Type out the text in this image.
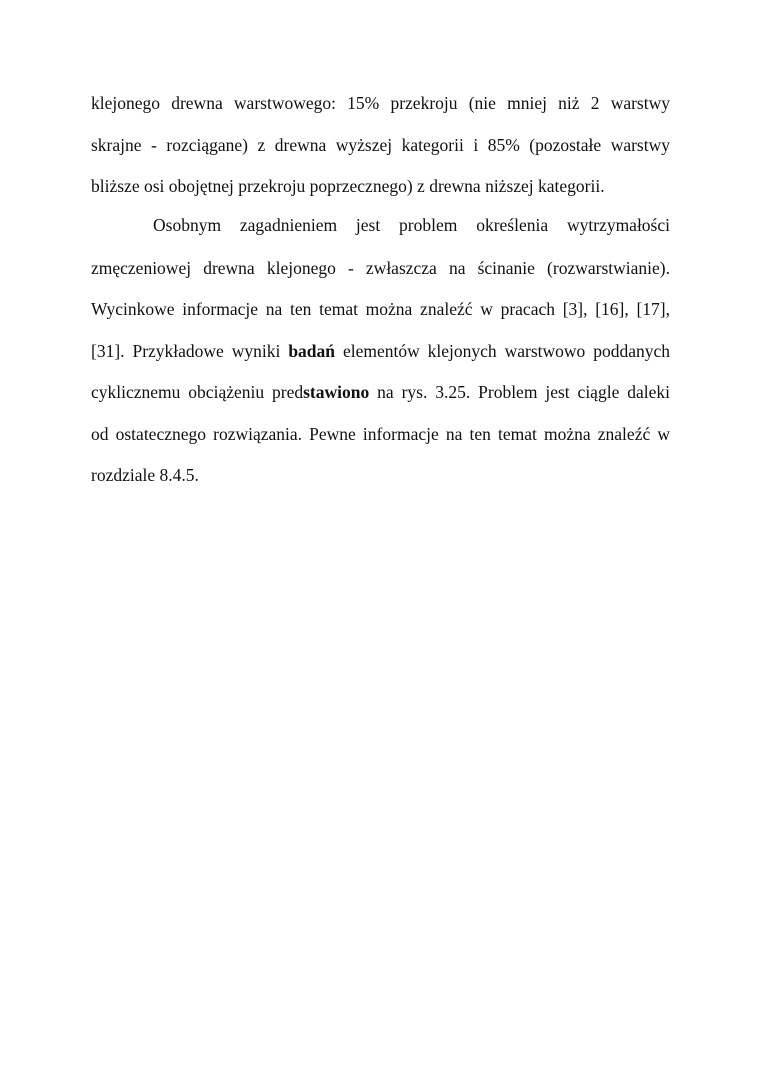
klejonego drewna warstwowego: 15% przekroju (nie mniej niż 2 warstwy
skrajne - rozciągane) z drewna wyższej kategorii i 85% (pozostałe warstwy
bliższe osi obojętnej przekroju poprzecznego) z drewna niższej kategorii.
Osobnym zagadnieniem jest problem określenia wytrzymałości
zmęczeniowej drewna klejonego - zwłaszcza na ścinanie (rozwarstwianie).
Wycinkowe informacje na ten temat można znaleźć w pracach [3], [16], [17],
[31]. Przykładowe wyniki badań elementów klejonych warstwowo poddanych
cyklicznemu obciążeniu predstawiono na rys. 3.25. Problem jest ciągle daleki
od ostatecznego rozwiązania. Pewne informacje na ten temat można znaleźć w
rozdziale 8.4.5.
